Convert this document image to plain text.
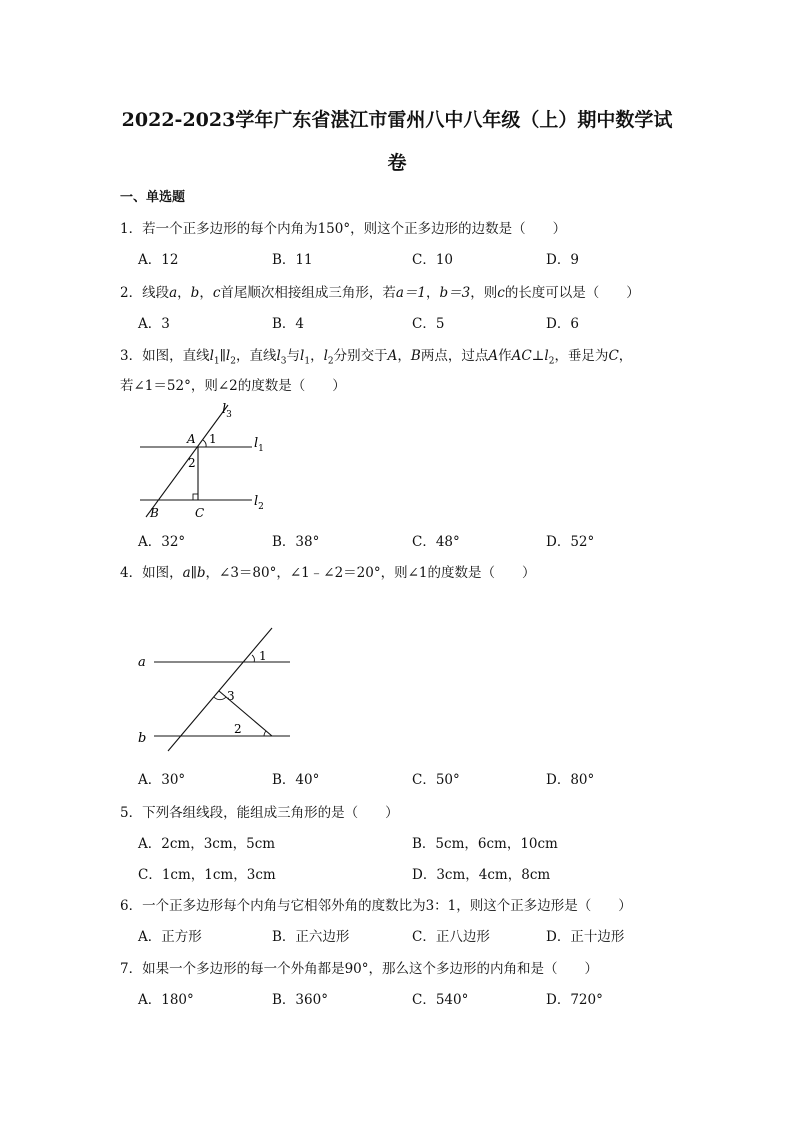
2022-2023学年广东省湛江市雷州八中八年级（上）期中数学试
卷
一、单选题
1．若一个正多边形的每个内角为150°，则这个正多边形的边数是（　　）
A．12	B．11	C．10	D．9
2．线段a，b，c首尾顺次相接组成三角形，若a＝1，b＝3，则c的长度可以是（　　）
A．3	B．4	C．5	D．6
3．如图，直线$l_1\parallel l_2$，直线$l_3$与$l_1$，$l_2$分别交于A，B两点，过点A作$AC\perp l_2$，垂足为C，
若∠1＝52°，则∠2的度数是（　　）
$l_3$
$l_1$
$l_2$
A 1
2
B	C
A．32°	B．38°	C．48°	D．52°
4．如图，a∥b，∠3＝80°，∠1﹣∠2＝20°，则∠1的度数是（　　）
a
b
1
3
2
A．30°	B．40°	C．50°	D．80°
5．下列各组线段，能组成三角形的是（　　）
A．2cm，3cm，5cm	B．5cm，6cm，10cm
C．1cm，1cm，3cm	D．3cm，4cm，8cm
6．一个正多边形每个内角与它相邻外角的度数比为3：1，则这个正多边形是（　　）
A．正方形	B．正六边形	C．正八边形	D．正十边形
7．如果一个多边形的每一个外角都是90°，那么这个多边形的内角和是（　　）
A．180°	B．360°	C．540°	D．720°
